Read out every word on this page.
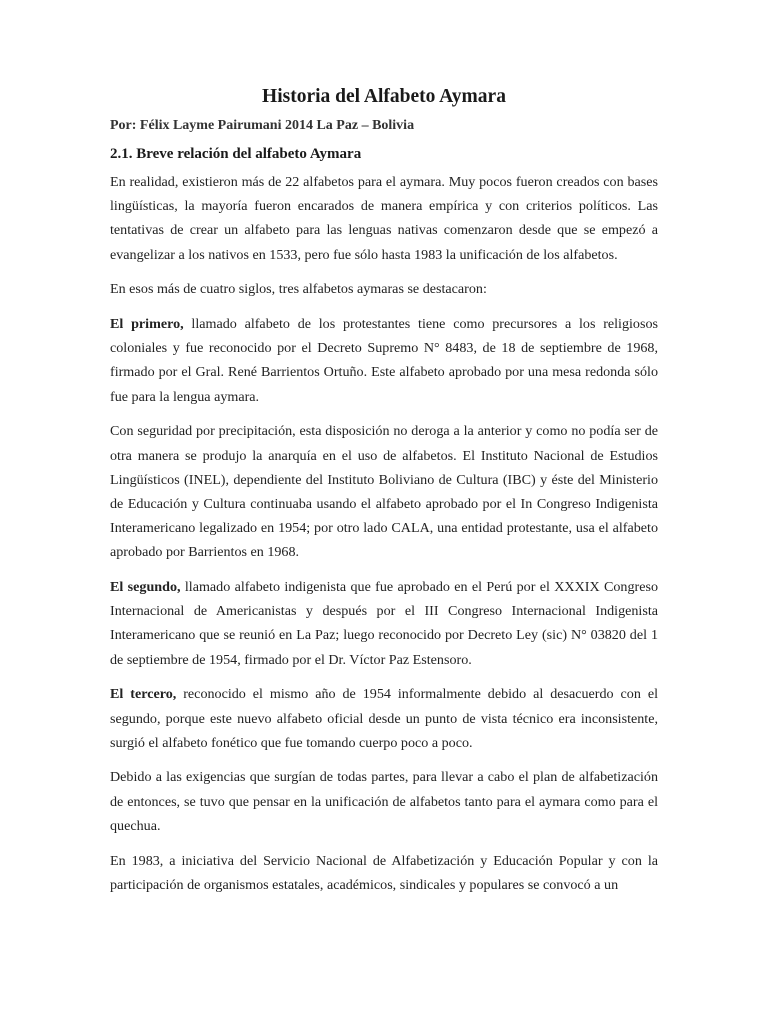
Historia del Alfabeto Aymara

Por: Félix Layme Pairumani 2014 La Paz – Bolivia

2.1. Breve relación del alfabeto Aymara

En realidad, existieron más de 22 alfabetos para el aymara. Muy pocos fueron creados con bases lingüísticas, la mayoría fueron encarados de manera empírica y con criterios políticos. Las tentativas de crear un alfabeto para las lenguas nativas comenzaron desde que se empezó a evangelizar a los nativos en 1533, pero fue sólo hasta 1983 la unificación de los alfabetos.

En esos más de cuatro siglos, tres alfabetos aymaras se destacaron:

El primero, llamado alfabeto de los protestantes tiene como precursores a los religiosos coloniales y fue reconocido por el Decreto Supremo N° 8483, de 18 de septiembre de 1968, firmado por el Gral. René Barrientos Ortuño. Este alfabeto aprobado por una mesa redonda sólo fue para la lengua aymara.

Con seguridad por precipitación, esta disposición no deroga a la anterior y como no podía ser de otra manera se produjo la anarquía en el uso de alfabetos. El Instituto Nacional de Estudios Lingüísticos (INEL), dependiente del Instituto Boliviano de Cultura (IBC) y éste del Ministerio de Educación y Cultura continuaba usando el alfabeto aprobado por el In Congreso Indigenista Interamericano legalizado en 1954; por otro lado CALA, una entidad protestante, usa el alfabeto aprobado por Barrientos en 1968.

El segundo, llamado alfabeto indigenista que fue aprobado en el Perú por el XXXIX Congreso Internacional de Americanistas y después por el III Congreso Internacional Indigenista Interamericano que se reunió en La Paz; luego reconocido por Decreto Ley (sic) N° 03820 del 1 de septiembre de 1954, firmado por el Dr. Víctor Paz Estensoro.

El tercero, reconocido el mismo año de 1954 informalmente debido al desacuerdo con el segundo, porque este nuevo alfabeto oficial desde un punto de vista técnico era inconsistente, surgió el alfabeto fonético que fue tomando cuerpo poco a poco.

Debido a las exigencias que surgían de todas partes, para llevar a cabo el plan de alfabetización de entonces, se tuvo que pensar en la unificación de alfabetos tanto para el aymara como para el quechua.

En 1983, a iniciativa del Servicio Nacional de Alfabetización y Educación Popular y con la participación de organismos estatales, académicos, sindicales y populares se convocó a un
